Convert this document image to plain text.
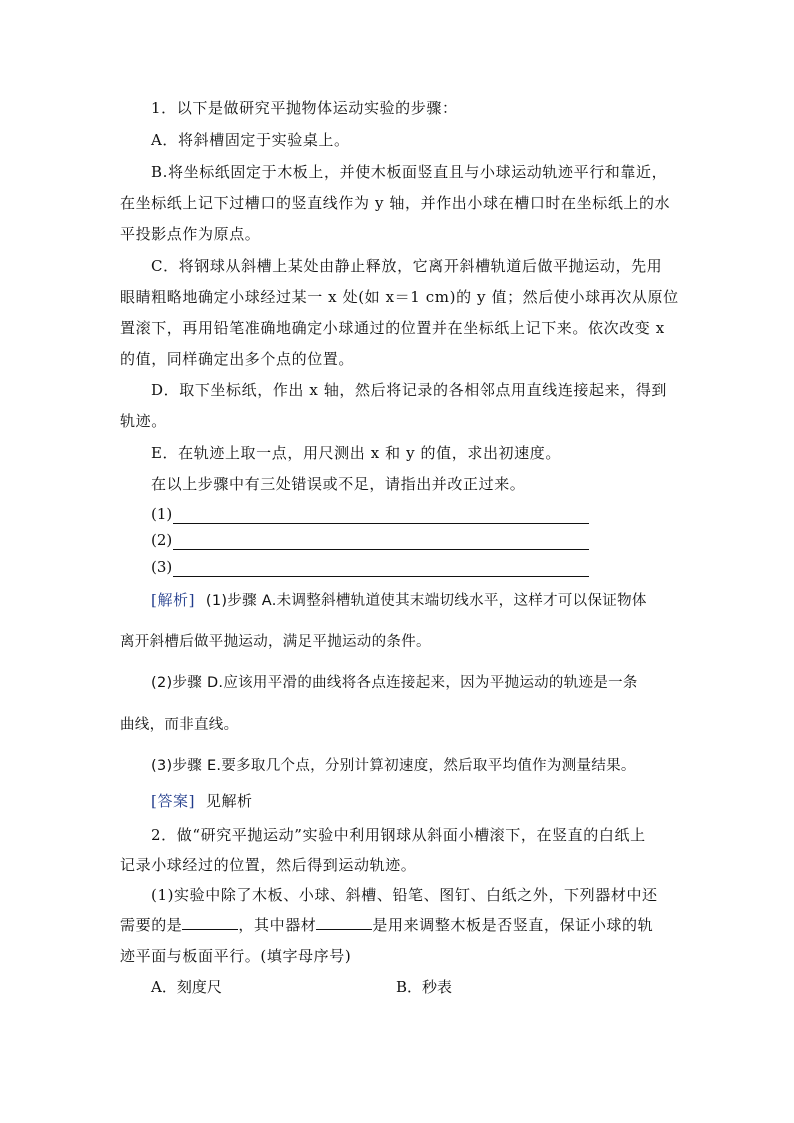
1．以下是做研究平抛物体运动实验的步骤：
A．将斜槽固定于实验桌上。
B.将坐标纸固定于木板上，并使木板面竖直且与小球运动轨迹平行和靠近，
在坐标纸上记下过槽口的竖直线作为 y 轴，并作出小球在槽口时在坐标纸上的水
平投影点作为原点。
C．将钢球从斜槽上某处由静止释放，它离开斜槽轨道后做平抛运动，先用
眼睛粗略地确定小球经过某一 x 处(如 x＝1 cm)的 y 值；然后使小球再次从原位
置滚下，再用铅笔准确地确定小球通过的位置并在坐标纸上记下来。依次改变 x
的值，同样确定出多个点的位置。
D．取下坐标纸，作出 x 轴，然后将记录的各相邻点用直线连接起来，得到
轨迹。
E．在轨迹上取一点，用尺测出 x 和 y 的值，求出初速度。
在以上步骤中有三处错误或不足，请指出并改正过来。
(1)
(2)
(3)
[解析] (1)步骤 A.未调整斜槽轨道使其末端切线水平，这样才可以保证物体
离开斜槽后做平抛运动，满足平抛运动的条件。
(2)步骤 D.应该用平滑的曲线将各点连接起来，因为平抛运动的轨迹是一条
曲线，而非直线。
(3)步骤 E.要多取几个点，分别计算初速度，然后取平均值作为测量结果。
[答案] 见解析
2．做“研究平抛运动”实验中利用钢球从斜面小槽滚下，在竖直的白纸上
记录小球经过的位置，然后得到运动轨迹。
(1)实验中除了木板、小球、斜槽、铅笔、图钉、白纸之外，下列器材中还
需要的是	，其中器材	是用来调整木板是否竖直，保证小球的轨
迹平面与板面平行。(填字母序号)
A．刻度尺	B．秒表
